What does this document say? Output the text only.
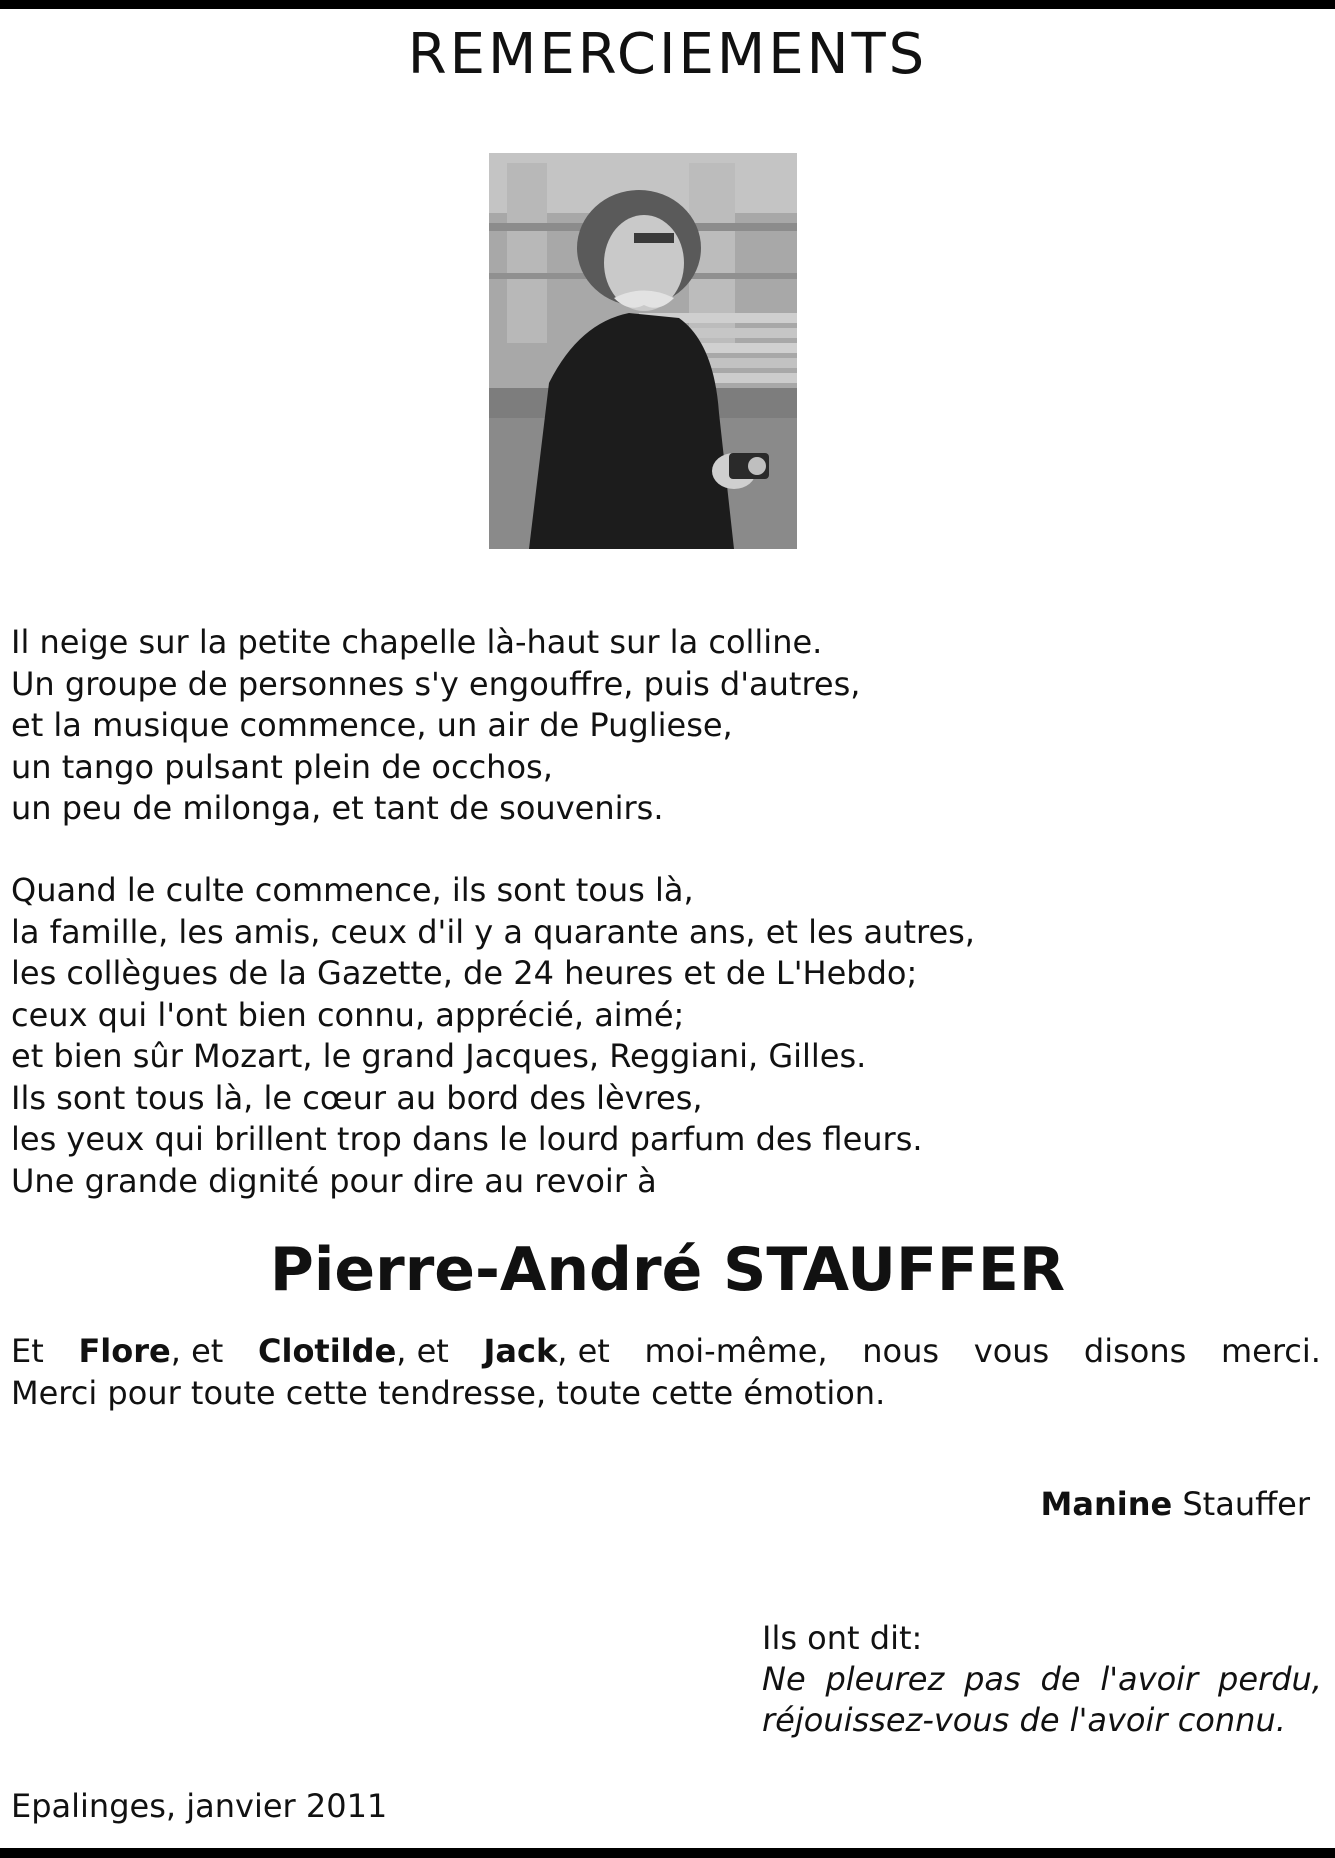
REMERCIEMENTS
Il neige sur la petite chapelle là-haut sur la colline.
Un groupe de personnes s'y engouffre, puis d'autres,
et la musique commence, un air de Pugliese,
un tango pulsant plein de occhos,
un peu de milonga, et tant de souvenirs.
Quand le culte commence, ils sont tous là,
la famille, les amis, ceux d'il y a quarante ans, et les autres,
les collègues de la Gazette, de 24 heures et de L'Hebdo;
ceux qui l'ont bien connu, apprécié, aimé;
et bien sûr Mozart, le grand Jacques, Reggiani, Gilles.
Ils sont tous là, le cœur au bord des lèvres,
les yeux qui brillent trop dans le lourd parfum des fleurs.
Une grande dignité pour dire au revoir à
Pierre-André STAUFFER
Et Flore, et Clotilde, et Jack, et moi-même, nous vous disons merci.
Merci pour toute cette tendresse, toute cette émotion.
Manine Stauffer
Ils ont dit:
Ne pleurez pas de l'avoir perdu,
réjouissez-vous de l'avoir connu.
Epalinges, janvier 2011
